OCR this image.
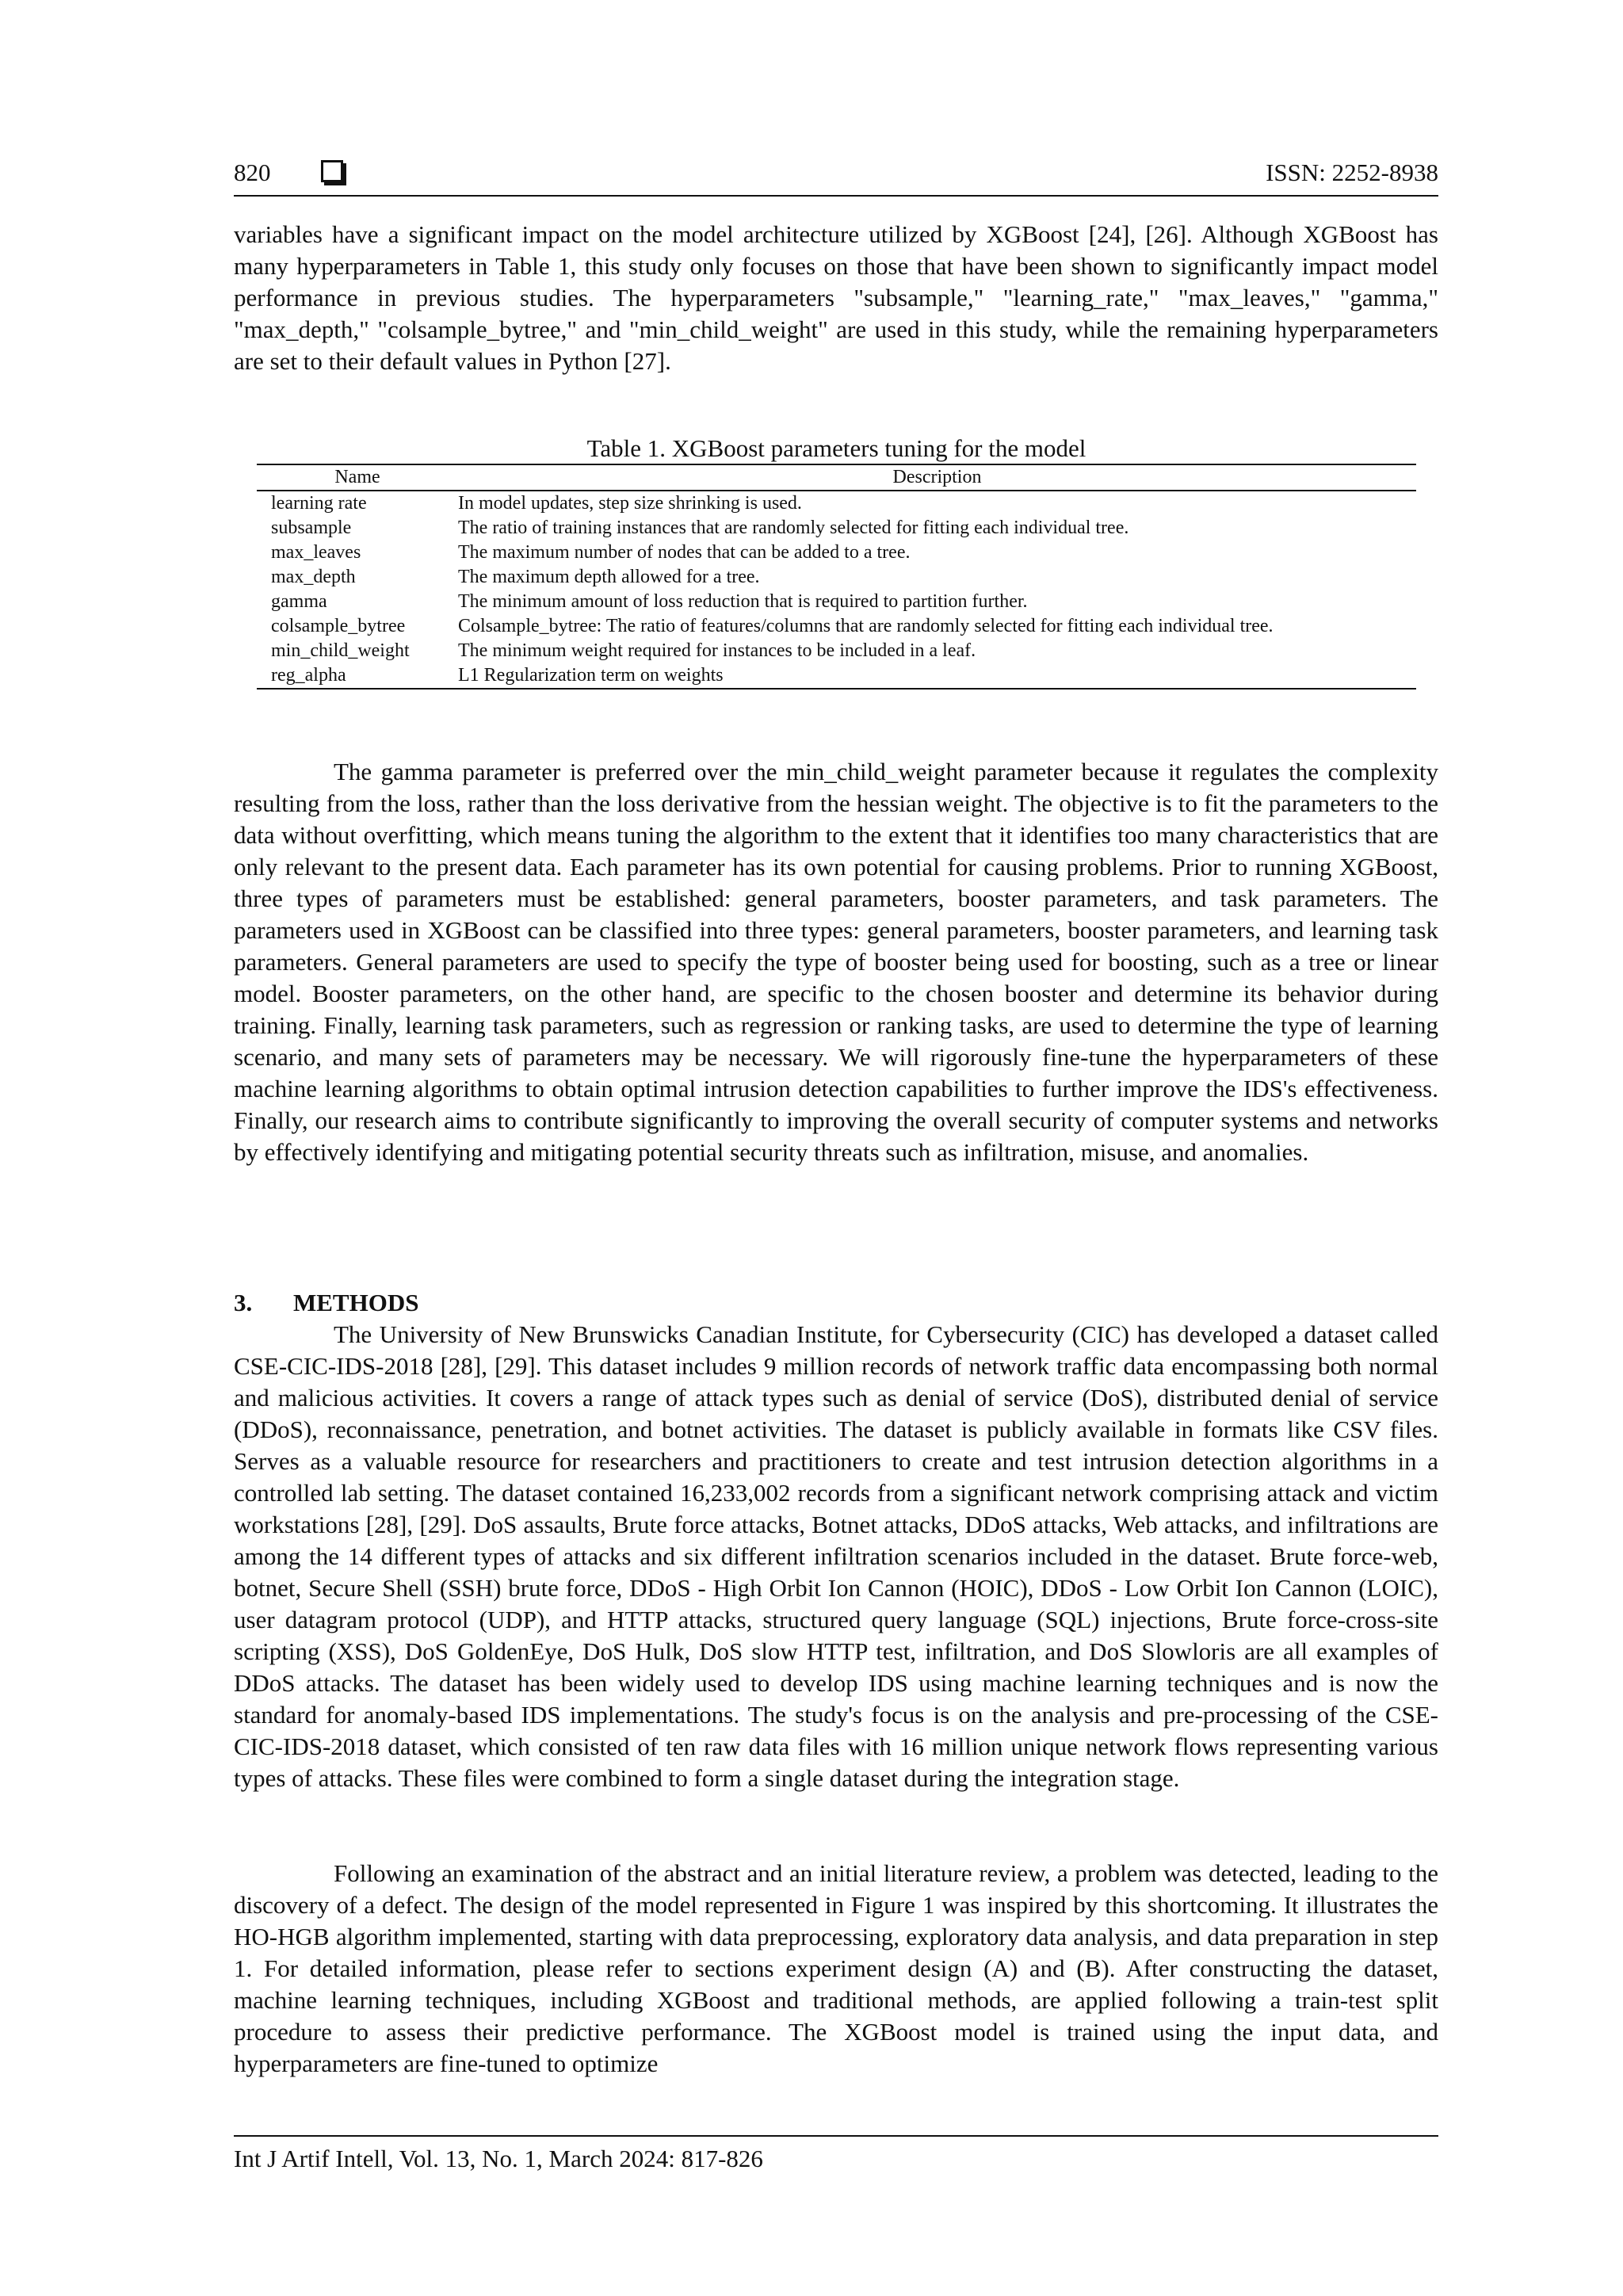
820	ISSN: 2252-8938

variables have a significant impact on the model architecture utilized by XGBoost [24], [26]. Although XGBoost has many hyperparameters in Table 1, this study only focuses on those that have been shown to significantly impact model performance in previous studies. The hyperparameters "subsample," "learning_rate," "max_leaves," "gamma," "max_depth," "colsample_bytree," and "min_child_weight" are used in this study, while the remaining hyperparameters are set to their default values in Python [27].

Table 1. XGBoost parameters tuning for the model

Name	Description
learning rate	In model updates, step size shrinking is used.
subsample	The ratio of training instances that are randomly selected for fitting each individual tree.
max_leaves	The maximum number of nodes that can be added to a tree.
max_depth	The maximum depth allowed for a tree.
gamma	The minimum amount of loss reduction that is required to partition further.
colsample_bytree	Colsample_bytree: The ratio of features/columns that are randomly selected for fitting each individual tree.
min_child_weight	The minimum weight required for instances to be included in a leaf.
reg_alpha	L1 Regularization term on weights

The gamma parameter is preferred over the min_child_weight parameter because it regulates the complexity resulting from the loss, rather than the loss derivative from the hessian weight. The objective is to fit the parameters to the data without overfitting, which means tuning the algorithm to the extent that it identifies too many characteristics that are only relevant to the present data. Each parameter has its own potential for causing problems. Prior to running XGBoost, three types of parameters must be established: general parameters, booster parameters, and task parameters. The parameters used in XGBoost can be classified into three types: general parameters, booster parameters, and learning task parameters. General parameters are used to specify the type of booster being used for boosting, such as a tree or linear model. Booster parameters, on the other hand, are specific to the chosen booster and determine its behavior during training. Finally, learning task parameters, such as regression or ranking tasks, are used to determine the type of learning scenario, and many sets of parameters may be necessary. We will rigorously fine-tune the hyperparameters of these machine learning algorithms to obtain optimal intrusion detection capabilities to further improve the IDS's effectiveness. Finally, our research aims to contribute significantly to improving the overall security of computer systems and networks by effectively identifying and mitigating potential security threats such as infiltration, misuse, and anomalies.

3. METHODS

The University of New Brunswicks Canadian Institute, for Cybersecurity (CIC) has developed a dataset called CSE-CIC-IDS-2018 [28], [29]. This dataset includes 9 million records of network traffic data encompassing both normal and malicious activities. It covers a range of attack types such as denial of service (DoS), distributed denial of service (DDoS), reconnaissance, penetration, and botnet activities. The dataset is publicly available in formats like CSV files. Serves as a valuable resource for researchers and practitioners to create and test intrusion detection algorithms in a controlled lab setting. The dataset contained 16,233,002 records from a significant network comprising attack and victim workstations [28], [29]. DoS assaults, Brute force attacks, Botnet attacks, DDoS attacks, Web attacks, and infiltrations are among the 14 different types of attacks and six different infiltration scenarios included in the dataset. Brute force-web, botnet, Secure Shell (SSH) brute force, DDoS - High Orbit Ion Cannon (HOIC), DDoS - Low Orbit Ion Cannon (LOIC), user datagram protocol (UDP), and HTTP attacks, structured query language (SQL) injections, Brute force-cross-site scripting (XSS), DoS GoldenEye, DoS Hulk, DoS slow HTTP test, infiltration, and DoS Slowloris are all examples of DDoS attacks. The dataset has been widely used to develop IDS using machine learning techniques and is now the standard for anomaly-based IDS implementations. The study's focus is on the analysis and pre-processing of the CSE-CIC-IDS-2018 dataset, which consisted of ten raw data files with 16 million unique network flows representing various types of attacks. These files were combined to form a single dataset during the integration stage.

Following an examination of the abstract and an initial literature review, a problem was detected, leading to the discovery of a defect. The design of the model represented in Figure 1 was inspired by this shortcoming. It illustrates the HO-HGB algorithm implemented, starting with data preprocessing, exploratory data analysis, and data preparation in step 1. For detailed information, please refer to sections experiment design (A) and (B). After constructing the dataset, machine learning techniques, including XGBoost and traditional methods, are applied following a train-test split procedure to assess their predictive performance. The XGBoost model is trained using the input data, and hyperparameters are fine-tuned to optimize

Int J Artif Intell, Vol. 13, No. 1, March 2024: 817-826
